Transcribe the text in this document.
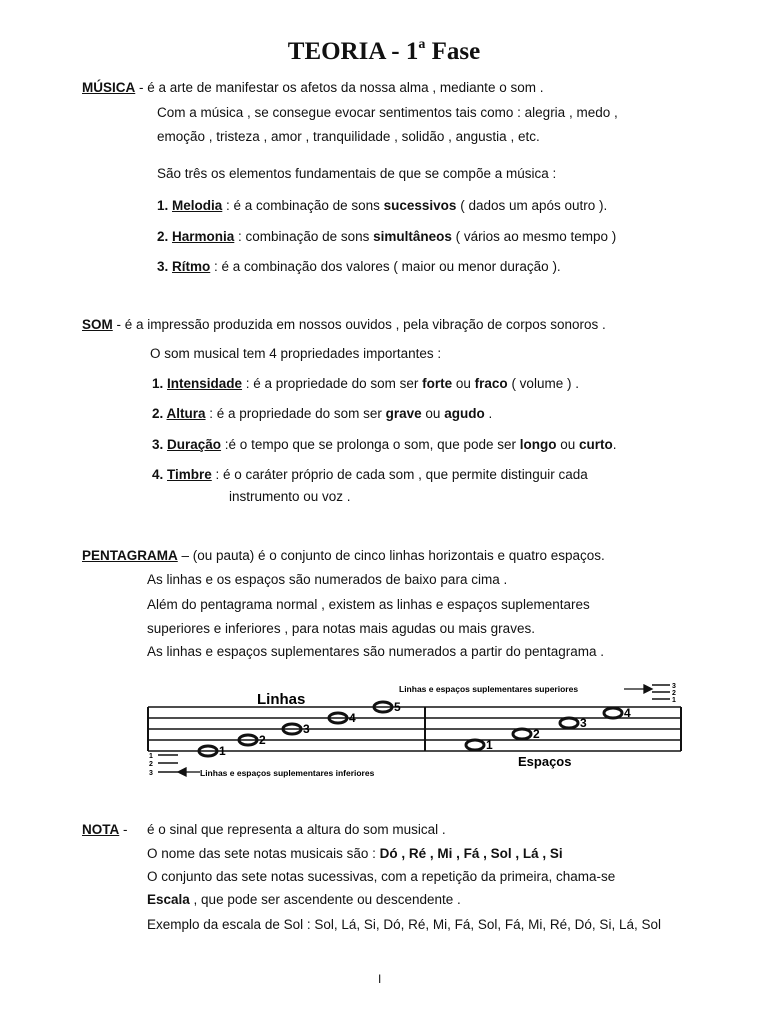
TEORIA - 1$^a$ Fase
MÚSICA - é a arte de manifestar os afetos da nossa alma , mediante o som .
Com a música , se consegue evocar sentimentos tais como : alegria , medo ,
emoção , tristeza , amor , tranquilidade , solidão , angustia , etc.
São três os elementos fundamentais de que se compõe a música :
1. Melodia : é a combinação de sons sucessivos ( dados um após outro ).
2. Harmonia : combinação de sons simultâneos ( vários ao mesmo tempo )
3. Rítmo : é a combinação dos valores ( maior ou menor duração ).
SOM - é a impressão produzida em nossos ouvidos , pela vibração de corpos sonoros .
O som musical tem 4 propriedades importantes :
1. Intensidade : é a propriedade do som ser forte ou fraco ( volume ) .
2. Altura : é a propriedade do som ser grave ou agudo .
3. Duração :é o tempo que se prolonga o som, que pode ser longo ou curto.
4. Timbre : é o caráter próprio de cada som , que permite distinguir cada
instrumento ou voz .
PENTAGRAMA – (ou pauta) é o conjunto de cinco linhas horizontais e quatro espaços.
As linhas e os espaços são numerados de baixo para cima .
Além do pentagrama normal , existem as linhas e espaços suplementares
superiores e inferiores , para notas mais agudas ou mais graves.
As linhas e espaços suplementares são numerados a partir do pentagrama .
Linhas
Espaços
Linhas e espaços suplementares superiores
Linhas e espaços suplementares inferiores
3
2
1
1
2
3
1
2
3
4
5
1
2
3
4
NOTA - é o sinal que representa a altura do som musical .
O nome das sete notas musicais são : Dó , Ré , Mi , Fá , Sol , Lá , Si
O conjunto das sete notas sucessivas, com a repetição da primeira, chama-se
Escala , que pode ser ascendente ou descendente .
Exemplo da escala de Sol : Sol, Lá, Si, Dó, Ré, Mi, Fá, Sol, Fá, Mi, Ré, Dó, Si, Lá, Sol
I
